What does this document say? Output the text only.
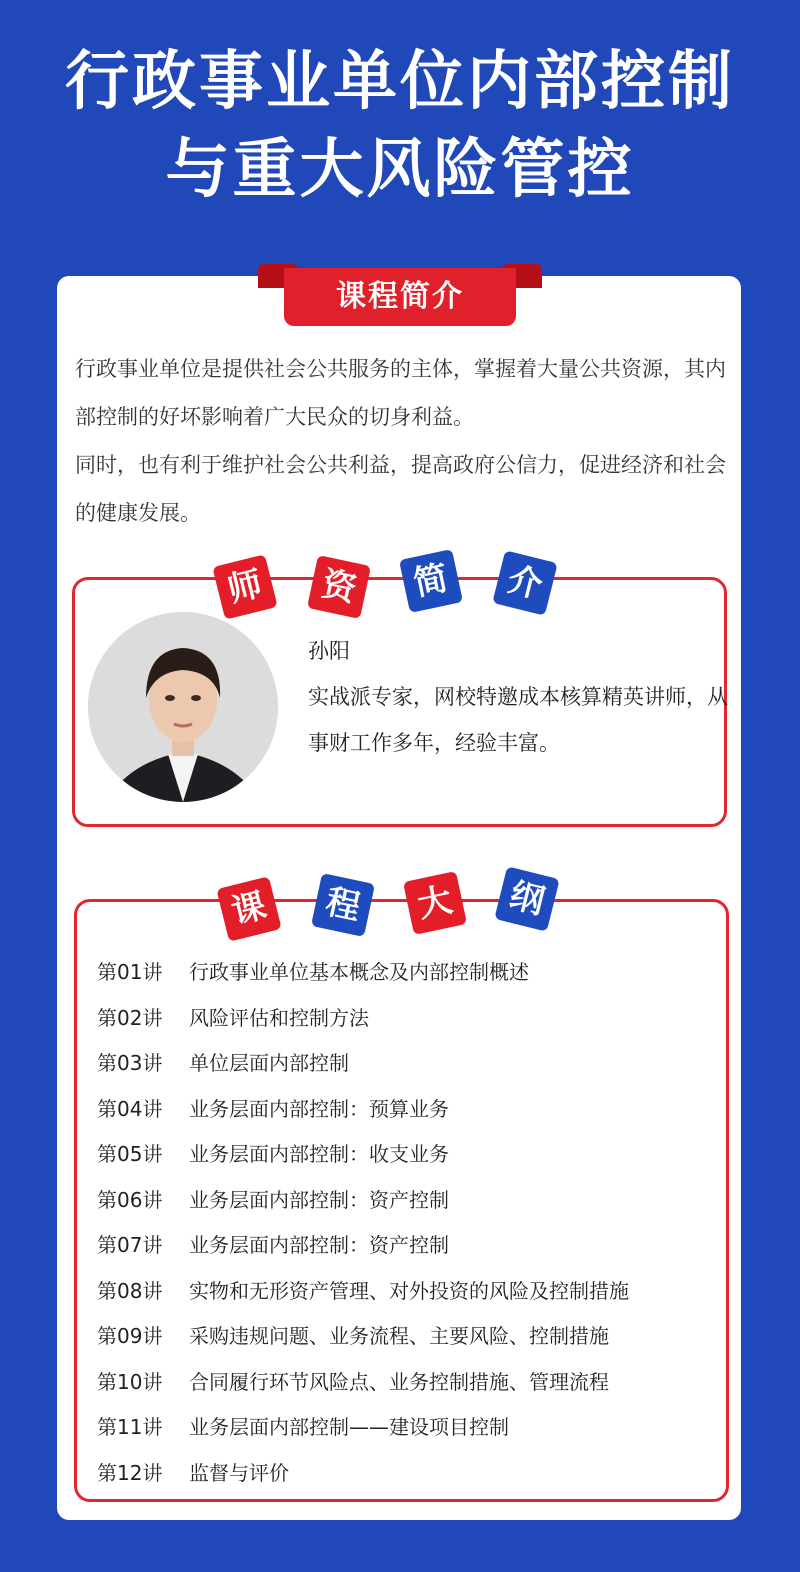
行政事业单位内部控制
与重大风险管控
课程简介

行政事业单位是提供社会公共服务的主体，掌握着大量公共资源，其内部控制的好坏影响着广大民众的切身利益。

同时，也有利于维护社会公共利益，提高政府公信力，促进经济和社会的健康发展。

师	资	简	介
孙阳
实战派专家，网校特邀成本核算精英讲师，从事财工作多年，经验丰富。
课	程	大	纲
第01讲 行政事业单位基本概念及内部控制概述
第02讲 风险评估和控制方法
第03讲 单位层面内部控制
第04讲 业务层面内部控制：预算业务
第05讲 业务层面内部控制：收支业务
第06讲 业务层面内部控制：资产控制
第07讲 业务层面内部控制：资产控制
第08讲 实物和无形资产管理、对外投资的风险及控制措施
第09讲 采购违规问题、业务流程、主要风险、控制措施
第10讲 合同履行环节风险点、业务控制措施、管理流程
第11讲 业务层面内部控制——建设项目控制
第12讲 监督与评价
